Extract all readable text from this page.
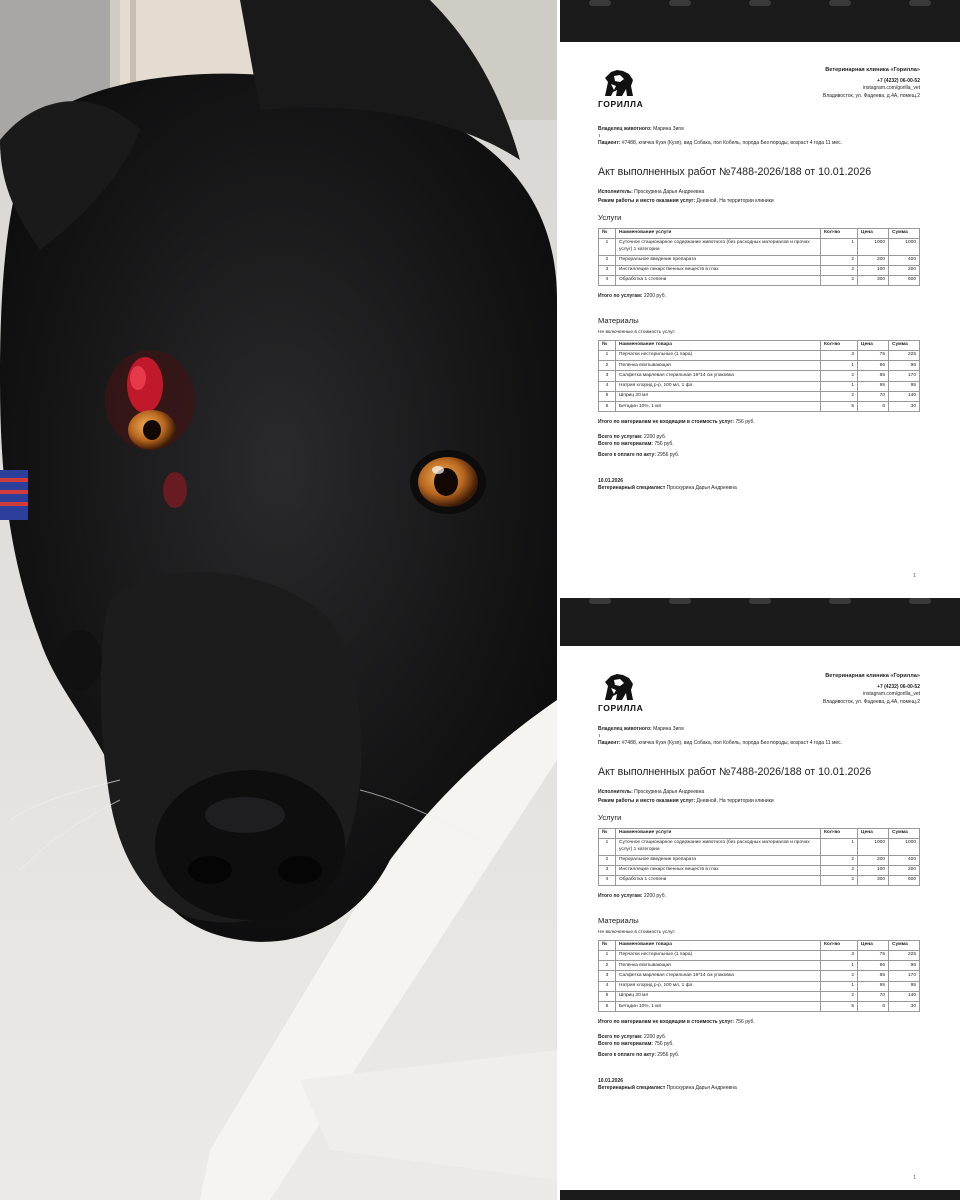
ГОРИЛЛА
Ветеринарная клиника «Горилла»
+7 (4232) 06-00-52
instagram.com/gorilla_vet
Владивосток, ул. Фадеева, д.4А, помещ.2
Владелец животного: Марина Зигм
Пациент: #7488, кличка Кузя (Кузя), вид Собака, пол Кобель, порода Без породы, возраст 4 года 11 мес.
Акт выполненных работ №7488-2026/188 от 10.01.2026
Исполнитель: Проскурина Дарья Андреевна
Режим работы и место оказания услуг: Дневной, На территории клиники
Услуги
№	Наименование услуги	Кол-во	Цена	Сумма
1	Суточное стационарное содержание животного (без расходных материалов и прочих услуг) 1 категории	1	1000	1000
2	Пероральное введение препарата	2	200	400
3	Инстилляция лекарственных веществ в глаз	2	100	200
4	Обработка 1 степени	2	300	600
Итого по услугам: 2200 руб.
Материалы
Не включенные в стоимость услуг:
№	Наименование товара	Кол-во	Цена	Сумма
1	Перчатки нестерильные (1 пара)	3	75	225
2	Пеленка впитывающая	1	96	96
3	Салфетка марлевая стерильная 16*14 см упаковка	2	85	170
4	Натрия хлорид р-р, 100 мл, 1 фл.	1	95	95
5	Шприц 20 мл	2	70	140
6	Бетадин 10%, 1 мл	5	6	30
Итого по материалам не входящим в стоимость услуг: 756 руб.
Всего по услугам: 2200 руб.
Всего по материалам: 756 руб.
Всего к оплате по акту: 2956 руб.
10.01.2026
Ветеринарный специалист Проскурина Дарья Андреевна
1
ГОРИЛЛА
Ветеринарная клиника «Горилла»
+7 (4232) 06-00-52
instagram.com/gorilla_vet
Владивосток, ул. Фадеева, д.4А, помещ.2
Владелец животного: Марина Зигм
Пациент: #7488, кличка Кузя (Кузя), вид Собака, пол Кобель, порода Без породы, возраст 4 года 11 мес.
Акт выполненных работ №7488-2026/188 от 10.01.2026
Исполнитель: Проскурина Дарья Андреевна
Режим работы и место оказания услуг: Дневной, На территории клиники
Услуги
№	Наименование услуги	Кол-во	Цена	Сумма
1	Суточное стационарное содержание животного (без расходных материалов и прочих услуг) 1 категории	1	1000	1000
2	Пероральное введение препарата	2	200	400
3	Инстилляция лекарственных веществ в глаз	2	100	200
4	Обработка 1 степени	2	300	600
Итого по услугам: 2200 руб.
Материалы
Не включенные в стоимость услуг:
№	Наименование товара	Кол-во	Цена	Сумма
1	Перчатки нестерильные (1 пара)	3	75	225
2	Пеленка впитывающая	1	96	96
3	Салфетка марлевая стерильная 16*14 см упаковка	2	85	170
4	Натрия хлорид р-р, 100 мл, 1 фл.	1	95	95
5	Шприц 20 мл	2	70	140
6	Бетадин 10%, 1 мл	5	6	30
Итого по материалам не входящим в стоимость услуг: 756 руб.
Всего по услугам: 2200 руб.
Всего по материалам: 756 руб.
Всего к оплате по акту: 2956 руб.
10.01.2026
Ветеринарный специалист Проскурина Дарья Андреевна
1
